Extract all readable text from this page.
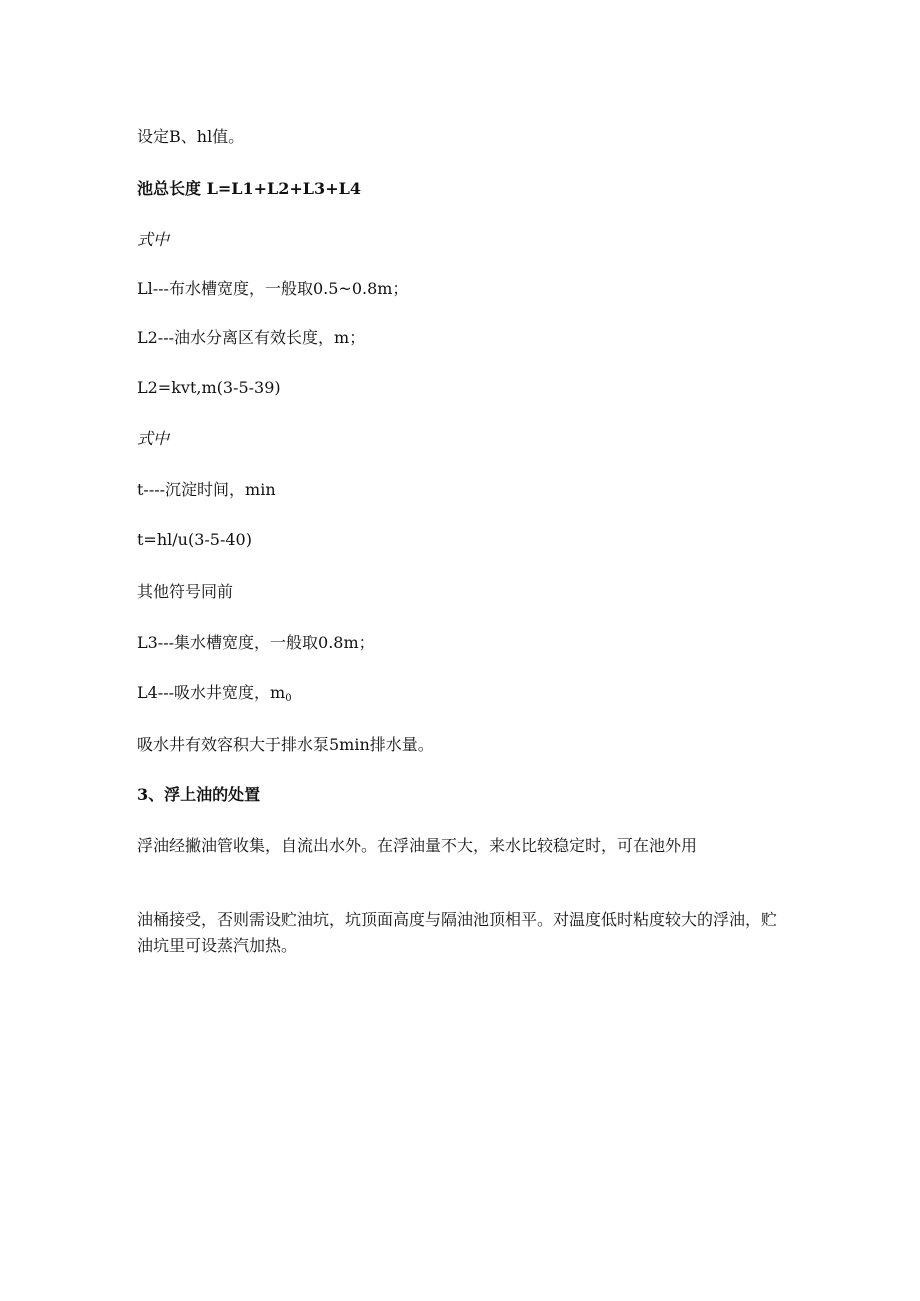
设定B、hl值。
池总长度 L=L1+L2+L3+L4
式中
Ll---布水槽宽度，一般取0.5~0.8m；
L2---油水分离区有效长度，m；
L2=kvt,m(3-5-39)
式中
t----沉淀时间，min
t=hl/u(3-5-40)
其他符号同前
L3---集水槽宽度，一般取0.8m；
L4---吸水井宽度，$m_0$
吸水井有效容积大于排水泵5min排水量。
3、浮上油的处置
浮油经撇油管收集，自流出水外。在浮油量不大，来水比较稳定时，可在池外用
油桶接受，否则需设贮油坑，坑顶面高度与隔油池顶相平。对温度低时粘度较大的浮油，贮油坑里可设蒸汽加热。
